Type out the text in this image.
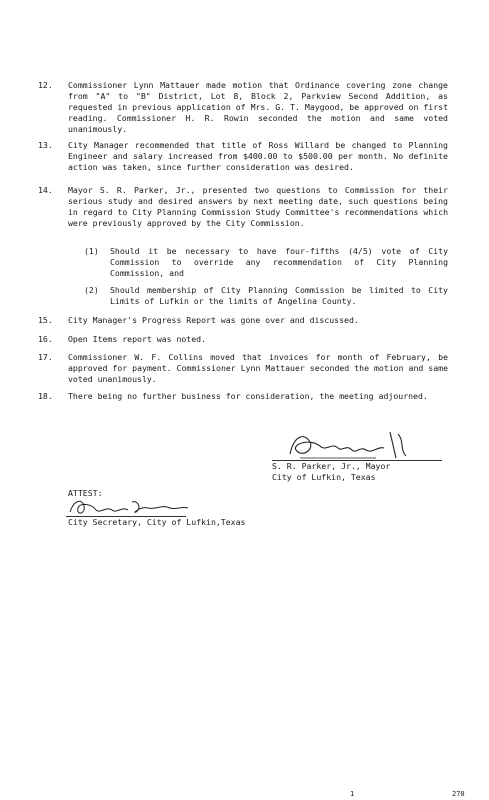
12. Commissioner Lynn Mattauer made motion that Ordinance covering zone change from "A" to "B" District, Lot 8, Block 2, Parkview Second Addition, as requested in previous application of Mrs. G. T. Maygood, be approved on first reading. Commissioner H. R. Rowin seconded the motion and same voted unanimously.
13. City Manager recommended that title of Ross Willard be changed to Planning Engineer and salary increased from $400.00 to $500.00 per month. No definite action was taken, since further consideration was desired.
14. Mayor S. R. Parker, Jr., presented two questions to Commission for their serious study and desired answers by next meeting date, such questions being in regard to City Planning Commission Study Committee's recommendations which were previously approved by the City Commission.
(1) Should it be necessary to have four-fifths (4/5) vote of City Commission to override any recommendation of City Planning Commission, and
(2) Should membership of City Planning Commission be limited to City Limits of Lufkin or the limits of Angelina County.
15. City Manager's Progress Report was gone over and discussed.
16. Open Items report was noted.
17. Commissioner W. F. Collins moved that invoices for month of February, be approved for payment. Commissioner Lynn Mattauer seconded the motion and same voted unanimously.
18. There being no further business for consideration, the meeting adjourned.
S. R. Parker, Jr., Mayor
City of Lufkin, Texas
ATTEST:
City Secretary, City of Lufkin,Texas
1	270
